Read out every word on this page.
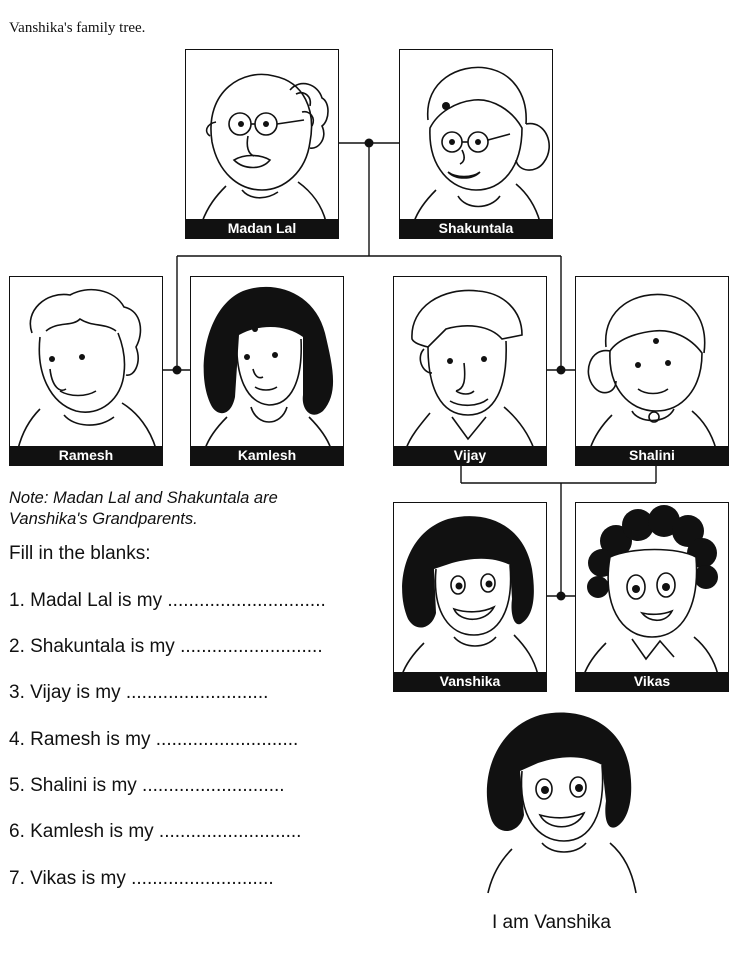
Vanshika's family tree.
Madan Lal	Shakuntala
Ramesh	Kamlesh	Vijay	Shalini
Vanshika	Vikas
Note: Madan Lal and Shakuntala are
Vanshika's Grandparents.
Fill in the blanks:
1. Madal Lal is my ..............................
2. Shakuntala is my ...........................
3. Vijay is my ...........................
4. Ramesh is my ...........................
5. Shalini is my ...........................
6. Kamlesh is my ...........................
7. Vikas is my ...........................
I am Vanshika
